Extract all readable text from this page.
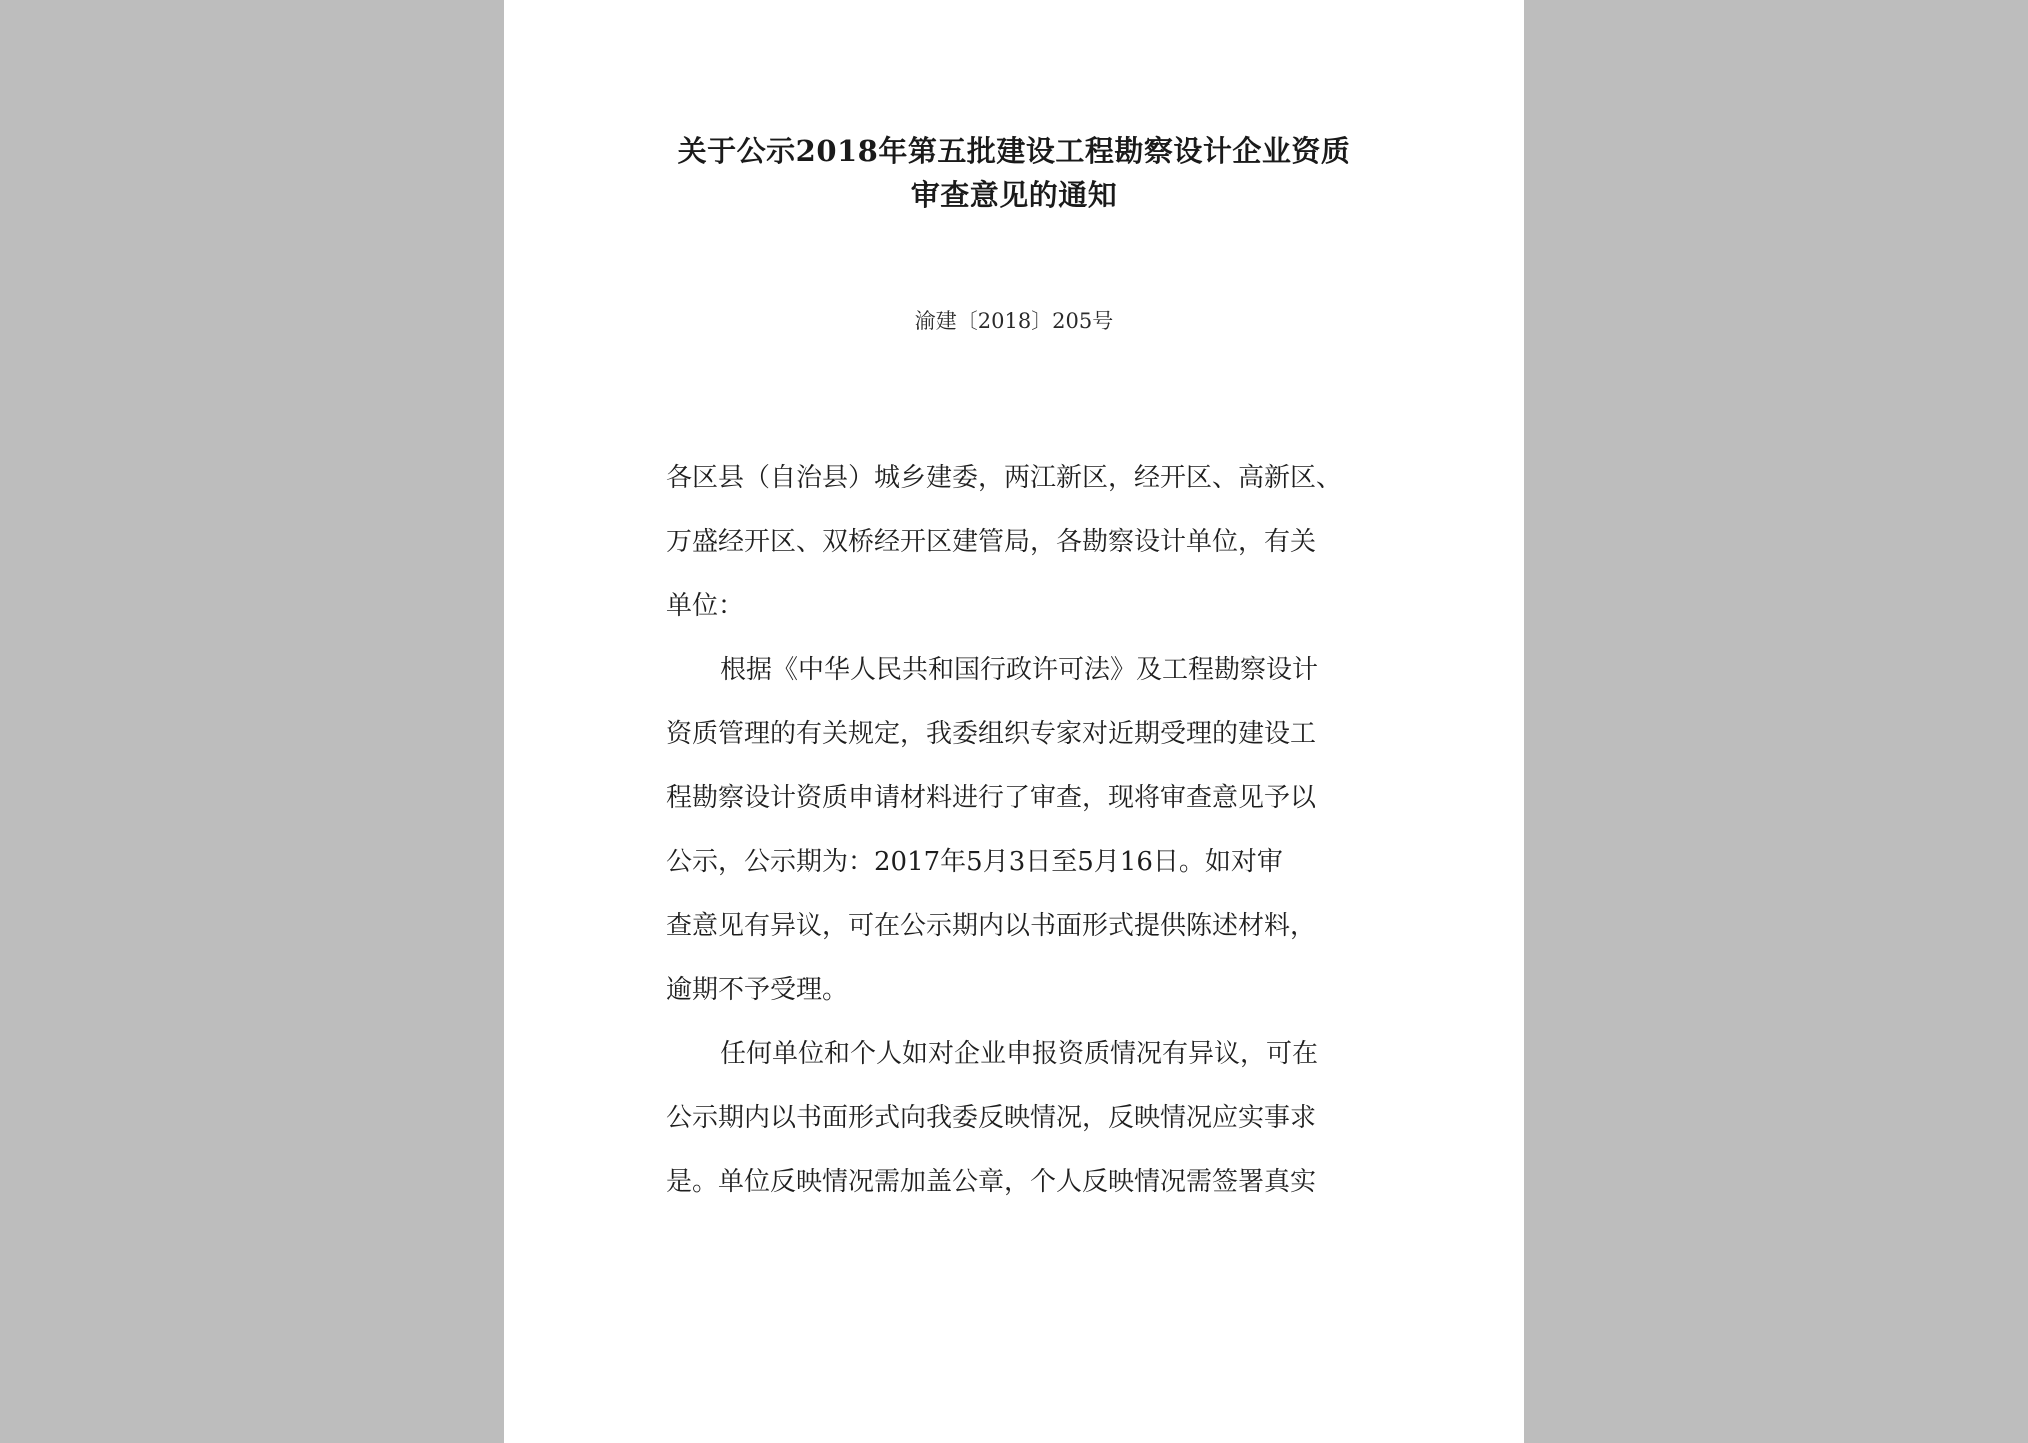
关于公示2018年第五批建设工程勘察设计企业资质
审查意见的通知
渝建〔2018〕205号
各区县（自治县）城乡建委，两江新区，经开区、高新区、
万盛经开区、双桥经开区建管局，各勘察设计单位，有关
单位：
根据《中华人民共和国行政许可法》及工程勘察设计
资质管理的有关规定，我委组织专家对近期受理的建设工
程勘察设计资质申请材料进行了审查，现将审查意见予以
公示，公示期为：2017年5月3日至5月16日。如对审
查意见有异议，可在公示期内以书面形式提供陈述材料，
逾期不予受理。
任何单位和个人如对企业申报资质情况有异议，可在
公示期内以书面形式向我委反映情况，反映情况应实事求
是。单位反映情况需加盖公章，个人反映情况需签署真实
